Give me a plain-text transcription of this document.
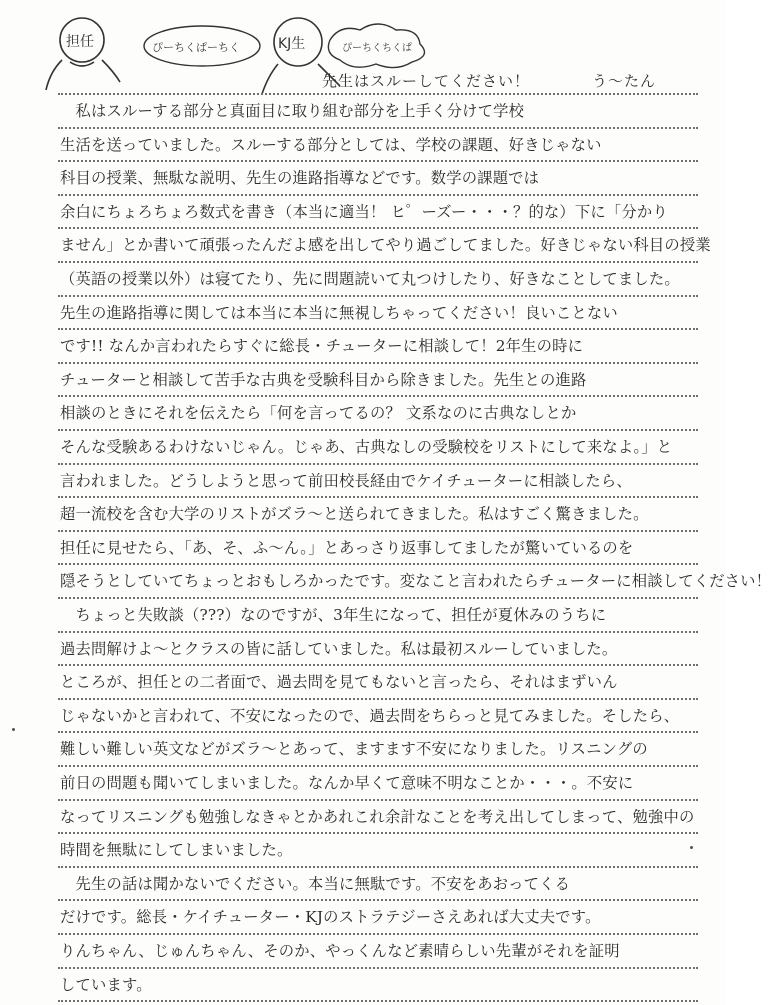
担任	ぴーちくぱーちく	KJ生	ぴーちくちくぱ
先生はスルーしてください！	う〜たん
　私はスルーする部分と真面目に取り組む部分を上手く分けて学校
生活を送っていました。スルーする部分としては、学校の課題、好きじゃない
科目の授業、無駄な説明、先生の進路指導などです。数学の課題では
余白にちょろちょろ数式を書き（本当に適当！ ヒ゜ーズー・・・？的な）下に「分かり
ません」とか書いて頑張ったんだよ感を出してやり過ごしてました。好きじゃない科目の授業
（英語の授業以外）は寝てたり、先に問題読いて丸つけしたり、好きなことしてました。
先生の進路指導に関しては本当に本当に無視しちゃってください！良いことない
です!! なんか言われたらすぐに総長・チューターに相談して！2年生の時に
チューターと相談して苦手な古典を受験科目から除きました。先生との進路
相談のときにそれを伝えたら「何を言ってるの？ 文系なのに古典なしとか
そんな受験あるわけないじゃん。じゃあ、古典なしの受験校をリストにして来なよ。」と
言われました。どうしようと思って前田校長経由でケイチューターに相談したら、
超一流校を含む大学のリストがズラ〜と送られてきました。私はすごく驚きました。
担任に見せたら、「あ、そ、ふ〜ん。」とあっさり返事してましたが驚いているのを
隠そうとしていてちょっとおもしろかったです。変なこと言われたらチューターに相談してください！
　ちょっと失敗談（???）なのですが、3年生になって、担任が夏休みのうちに
過去問解けよ〜とクラスの皆に話していました。私は最初スルーしていました。
ところが、担任との二者面で、過去問を見てもないと言ったら、それはまずいん
じゃないかと言われて、不安になったので、過去問をちらっと見てみました。そしたら、
難しい難しい英文などがズラ〜とあって、ますます不安になりました。リスニングの
前日の問題も聞いてしまいました。なんか早くて意味不明なことか・・・。不安に
なってリスニングも勉強しなきゃとかあれこれ余計なことを考え出してしまって、勉強中の
時間を無駄にしてしまいました。
　先生の話は聞かないでください。本当に無駄です。不安をあおってくる
だけです。総長・ケイチューター・KJのストラテジーさえあれば大丈夫です。
りんちゃん、じゅんちゃん、そのか、やっくんなど素晴らしい先輩がそれを証明
しています。
